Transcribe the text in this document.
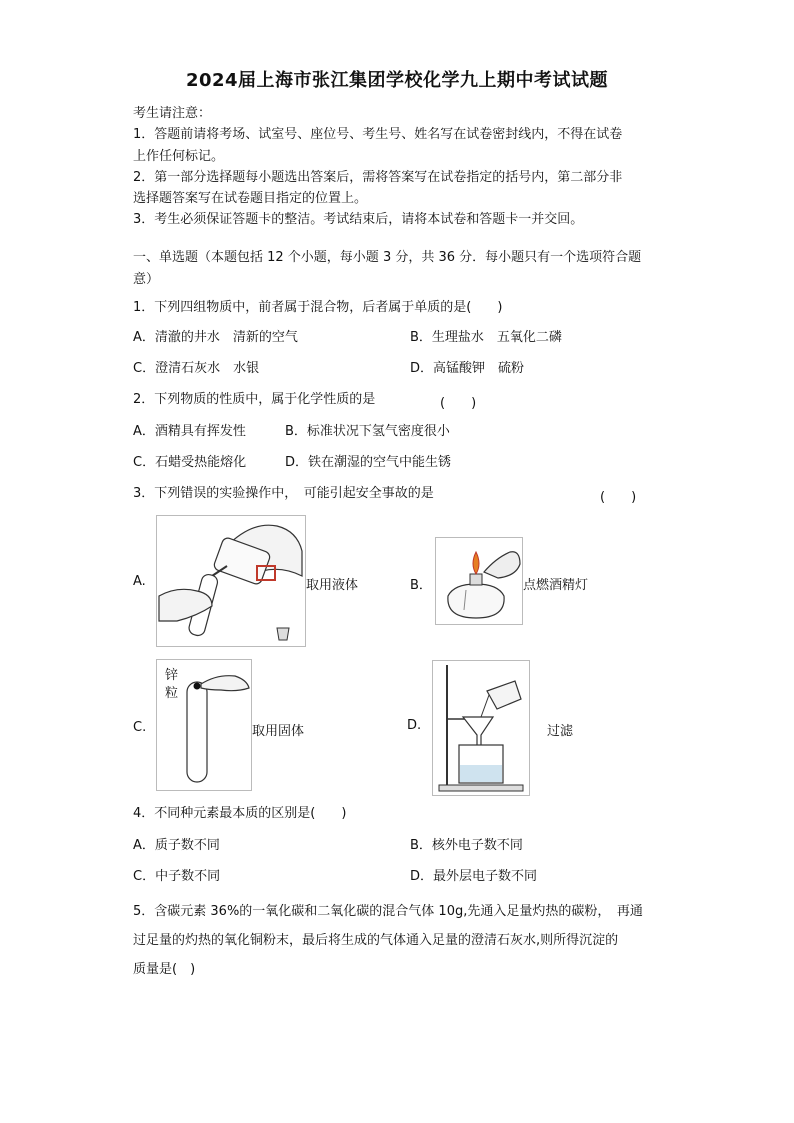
2024届上海市张江集团学校化学九上期中考试试题
考生请注意：
1．答题前请将考场、试室号、座位号、考生号、姓名写在试卷密封线内，不得在试卷
上作任何标记。
2．第一部分选择题每小题选出答案后，需将答案写在试卷指定的括号内，第二部分非
选择题答案写在试卷题目指定的位置上。
3．考生必须保证答题卡的整洁。考试结束后，请将本试卷和答题卡一并交回。
一、单选题（本题包括 12 个小题，每小题 3 分，共 36 分．每小题只有一个选项符合题
意）
1．下列四组物质中，前者属于混合物，后者属于单质的是(　　)
A．清澈的井水　清新的空气	B．生理盐水　五氧化二磷
C．澄清石灰水　水银	D．高锰酸钾　硫粉
2．下列物质的性质中，属于化学性质的是	(　　)
A．酒精具有挥发性	B．标准状况下氢气密度很小
C．石蜡受热能熔化	D．铁在潮湿的空气中能生锈
3．下列错误的实验操作中，　可能引起安全事故的是	(　　)
A.	取用液体	B．	点燃酒精灯
C.
锌
粒
取用固体	D.	过滤
4．不同种元素最本质的区别是(　　)
A．质子数不同	B．核外电子数不同
C．中子数不同	D．最外层电子数不同
5．含碳元素 36%的一氧化碳和二氧化碳的混合气体 10g,先通入足量灼热的碳粉，　再通
过足量的灼热的氧化铜粉末，最后将生成的气体通入足量的澄清石灰水,则所得沉淀的
质量是(　)
